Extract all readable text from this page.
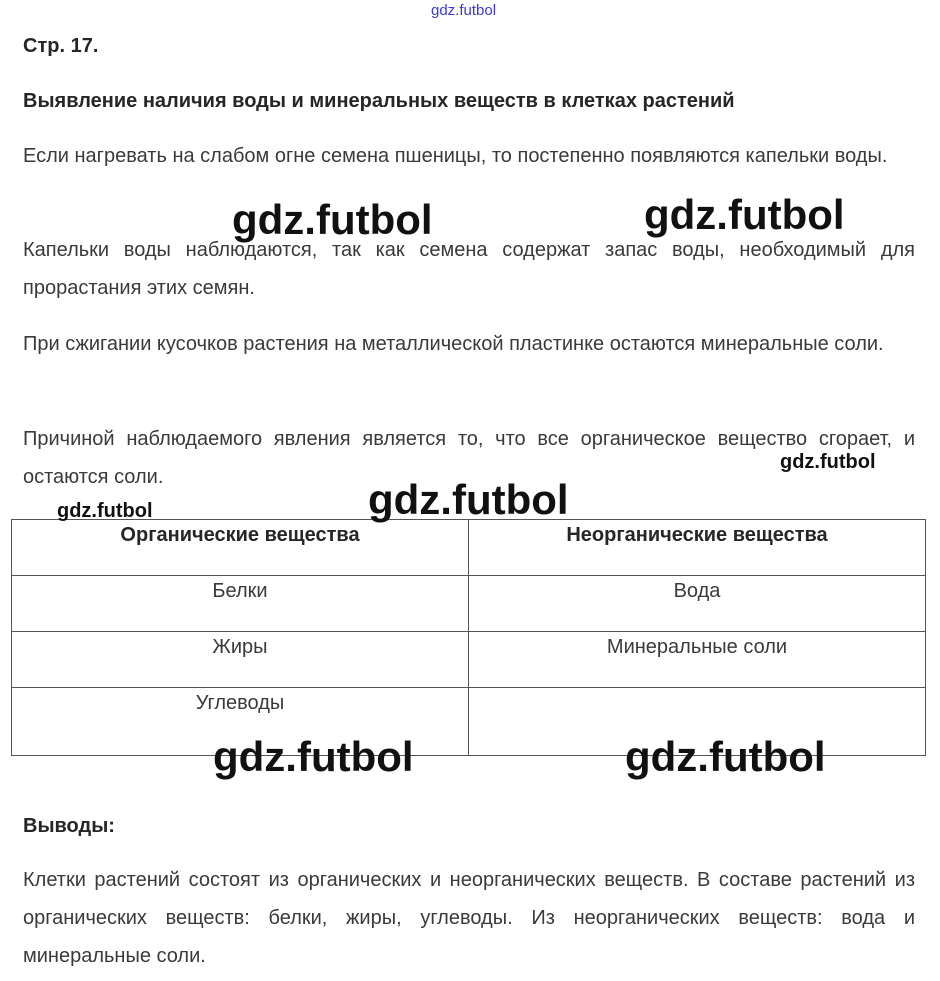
gdz.futbol
Стр. 17.
Выявление наличия воды и минеральных веществ в клетках растений
Если нагревать на слабом огне семена пшеницы, то постепенно появляются капельки воды.
Капельки воды наблюдаются, так как семена содержат запас воды, необходимый для прорастания этих семян.
При сжигании кусочков растения на металлической пластинке остаются минеральные соли.
Причиной наблюдаемого явления является то, что все органическое вещество сгорает, и остаются соли.
Органические вещества	Неорганические вещества
Белки	Вода
Жиры	Минеральные соли
Углеводы	
gdz.futbol	gdz.futbol
gdz.futbol
gdz.futbol
gdz.futbol
gdz.futbol	gdz.futbol
Выводы:
Клетки растений состоят из органических и неорганических веществ. В составе растений из органических веществ: белки, жиры, углеводы. Из неорганических веществ: вода и минеральные соли.
